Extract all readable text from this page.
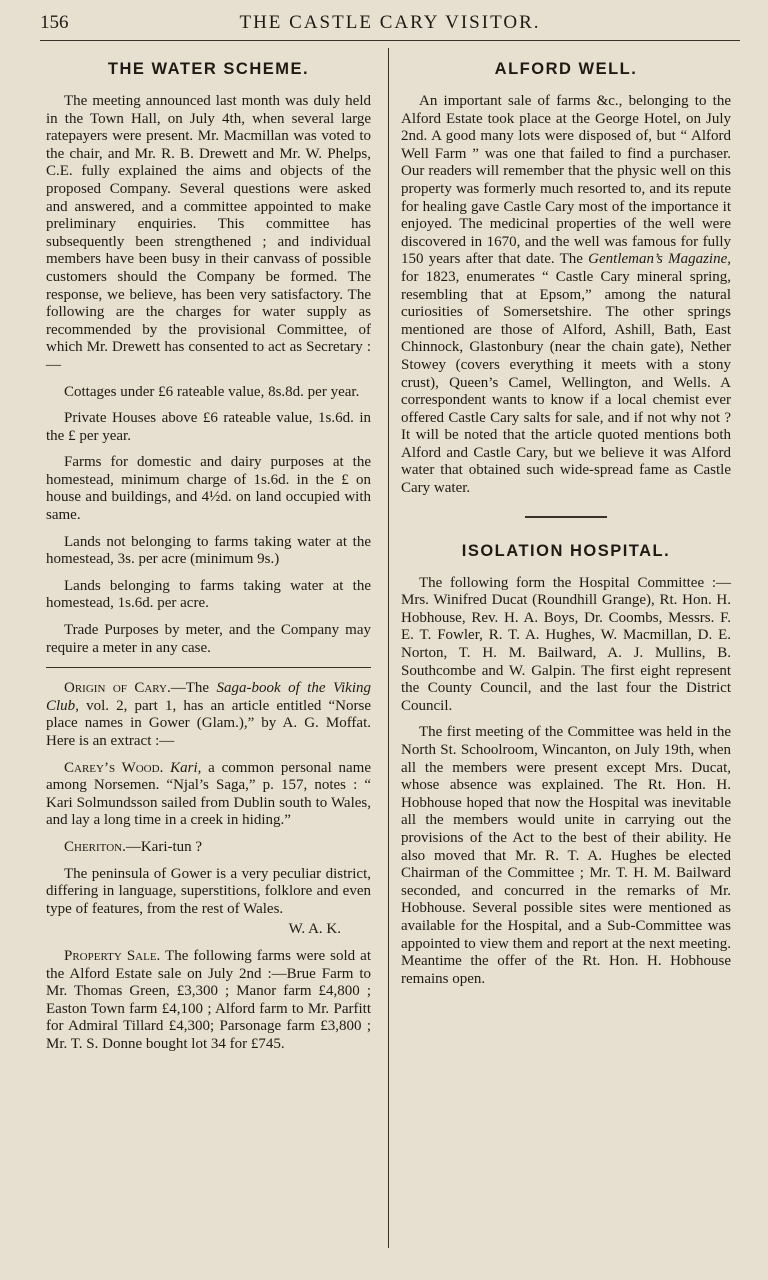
156	THE CASTLE CARY VISITOR.
THE WATER SCHEME.

The meeting announced last month was duly held in the Town Hall, on July 4th, when several large ratepayers were present. Mr. Macmillan was voted to the chair, and Mr. R. B. Drewett and Mr. W. Phelps, C.E. fully explained the aims and objects of the proposed Company. Several questions were asked and answered, and a committee appointed to make preliminary enquiries. This committee has subsequently been strengthened ; and individual members have been busy in their canvass of possible customers should the Company be formed. The response, we believe, has been very satisfactory. The following are the charges for water supply as recommended by the provisional Committee, of which Mr. Drewett has consented to act as Secretary :—

Cottages under £6 rateable value, 8s.8d. per year.

Private Houses above £6 rateable value, 1s.6d. in the £ per year.

Farms for domestic and dairy purposes at the homestead, minimum charge of 1s.6d. in the £ on house and buildings, and 4½d. on land occupied with same.

Lands not belonging to farms taking water at the homestead, 3s. per acre (minimum 9s.)

Lands belonging to farms taking water at the homestead, 1s.6d. per acre.

Trade Purposes by meter, and the Company may require a meter in any case.

Origin of Cary.—The Saga-book of the Viking Club, vol. 2, part 1, has an article entitled “Norse place names in Gower (Glam.),” by A. G. Moffat. Here is an extract :—

Carey’s Wood. Kari, a common personal name among Norsemen. “Njal’s Saga,” p. 157, notes : “ Kari Solmundsson sailed from Dublin south to Wales, and lay a long time in a creek in hiding.”

Cheriton.—Kari-tun ?

The peninsula of Gower is a very peculiar district, differing in language, superstitions, folklore and even type of features, from the rest of Wales.

W. A. K.

Property Sale. The following farms were sold at the Alford Estate sale on July 2nd :—Brue Farm to Mr. Thomas Green, £3,300 ; Manor farm £4,800 ; Easton Town farm £4,100 ; Alford farm to Mr. Parfitt for Admiral Tillard £4,300; Parsonage farm £3,800 ; Mr. T. S. Donne bought lot 34 for £745.

ALFORD WELL.

An important sale of farms &c., belonging to the Alford Estate took place at the George Hotel, on July 2nd. A good many lots were disposed of, but “ Alford Well Farm ” was one that failed to find a purchaser. Our readers will remember that the physic well on this property was formerly much resorted to, and its repute for healing gave Castle Cary most of the importance it enjoyed. The medicinal properties of the well were discovered in 1670, and the well was famous for fully 150 years after that date. The Gentleman’s Magazine, for 1823, enumerates “ Castle Cary mineral spring, resembling that at Epsom,” among the natural curiosities of Somersetshire. The other springs mentioned are those of Alford, Ashill, Bath, East Chinnock, Glastonbury (near the chain gate), Nether Stowey (covers everything it meets with a stony crust), Queen’s Camel, Wellington, and Wells. A correspondent wants to know if a local chemist ever offered Castle Cary salts for sale, and if not why not ? It will be noted that the article quoted mentions both Alford and Castle Cary, but we believe it was Alford water that obtained such wide-spread fame as Castle Cary water.

ISOLATION HOSPITAL.

The following form the Hospital Committee :—Mrs. Winifred Ducat (Roundhill Grange), Rt. Hon. H. Hobhouse, Rev. H. A. Boys, Dr. Coombs, Messrs. F. E. T. Fowler, R. T. A. Hughes, W. Macmillan, D. E. Norton, T. H. M. Bailward, A. J. Mullins, B. Southcombe and W. Galpin. The first eight represent the County Council, and the last four the District Council.

The first meeting of the Committee was held in the North St. Schoolroom, Wincanton, on July 19th, when all the members were present except Mrs. Ducat, whose absence was explained. The Rt. Hon. H. Hobhouse hoped that now the Hospital was inevitable all the members would unite in carrying out the provisions of the Act to the best of their ability. He also moved that Mr. R. T. A. Hughes be elected Chairman of the Committee ; Mr. T. H. M. Bailward seconded, and concurred in the remarks of Mr. Hobhouse. Several possible sites were mentioned as available for the Hospital, and a Sub-Committee was appointed to view them and report at the next meeting. Meantime the offer of the Rt. Hon. H. Hobhouse remains open.
